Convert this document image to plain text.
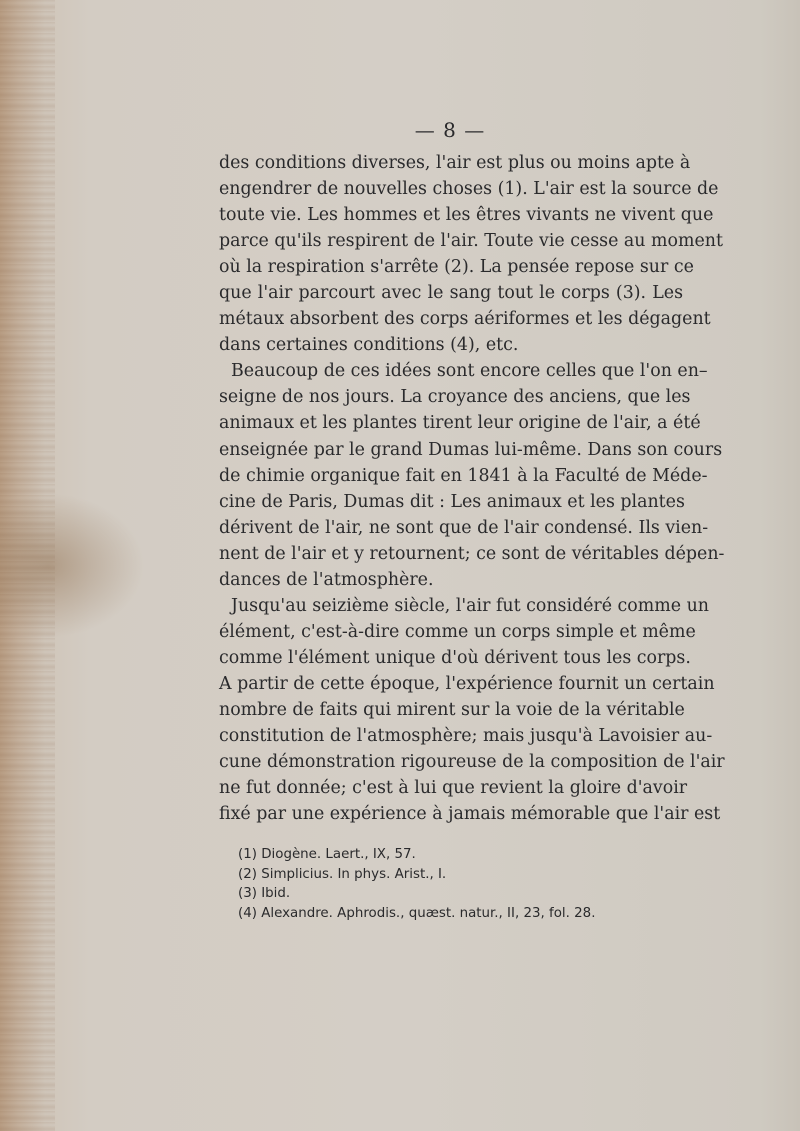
— 8 —
des conditions diverses, l'air est plus ou moins apte à
engendrer de nouvelles choses (1). L'air est la source de
toute vie. Les hommes et les êtres vivants ne vivent que
parce qu'ils respirent de l'air. Toute vie cesse au moment
où la respiration s'arrête (2). La pensée repose sur ce
que l'air parcourt avec le sang tout le corps (3). Les
métaux absorbent des corps aériformes et les dégagent
dans certaines conditions (4), etc.
Beaucoup de ces idées sont encore celles que l'on en–
seigne de nos jours. La croyance des anciens, que les
animaux et les plantes tirent leur origine de l'air, a été
enseignée par le grand Dumas lui-même. Dans son cours
de chimie organique fait en 1841 à la Faculté de Méde-
cine de Paris, Dumas dit : Les animaux et les plantes
dérivent de l'air, ne sont que de l'air condensé. Ils vien-
nent de l'air et y retournent; ce sont de véritables dépen-
dances de l'atmosphère.
Jusqu'au seizième siècle, l'air fut considéré comme un
élément, c'est-à-dire comme un corps simple et même
comme l'élément unique d'où dérivent tous les corps.
A partir de cette époque, l'expérience fournit un certain
nombre de faits qui mirent sur la voie de la véritable
constitution de l'atmosphère; mais jusqu'à Lavoisier au-
cune démonstration rigoureuse de la composition de l'air
ne fut donnée; c'est à lui que revient la gloire d'avoir
fixé par une expérience à jamais mémorable que l'air est
(1) Diogène. Laert., IX, 57.
(2) Simplicius. In phys. Arist., I.
(3) Ibid.
(4) Alexandre. Aphrodis., quæst. natur., II, 23, fol. 28.
